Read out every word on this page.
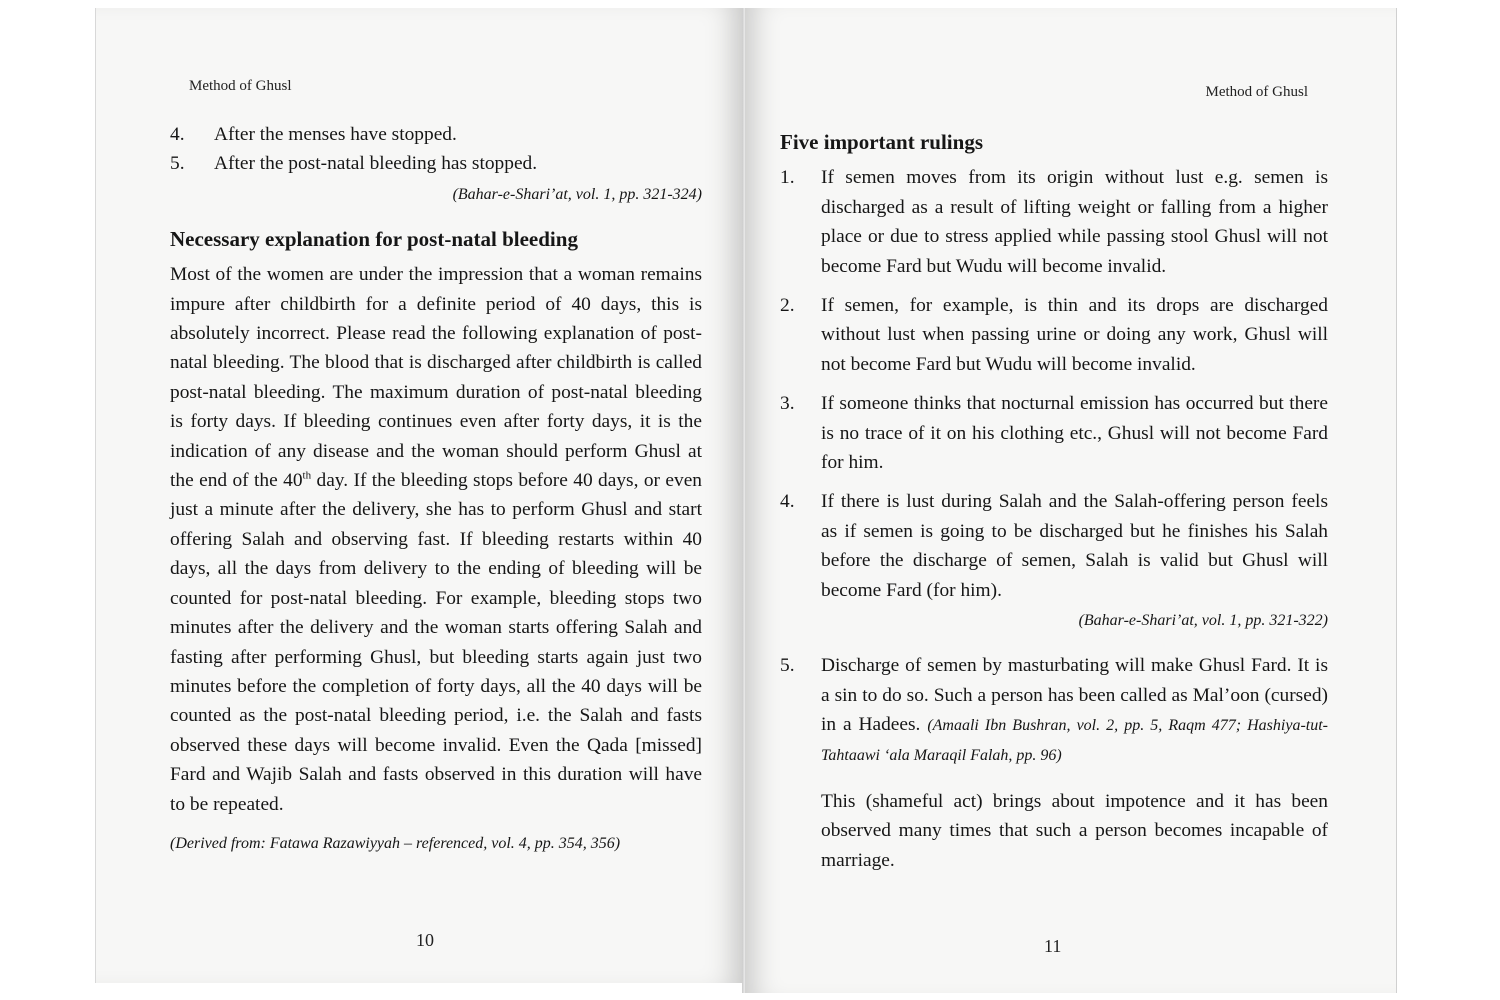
Method of Ghusl
4.	After the menses have stopped.
5.	After the post-natal bleeding has stopped.

(Bahar-e-Shari’at, vol. 1, pp. 321-324)

Necessary explanation for post-natal bleeding

Most of the women are under the impression that a woman remains impure after childbirth for a definite period of 40 days, this is absolutely incorrect. Please read the following explanation of post-natal bleeding. The blood that is discharged after childbirth is called post-natal bleeding. The maximum duration of post-natal bleeding is forty days. If bleeding continues even after forty days, it is the indication of any disease and the woman should perform Ghusl at the end of the 40th day. If the bleeding stops before 40 days, or even just a minute after the delivery, she has to perform Ghusl and start offering Salah and observing fast. If bleeding restarts within 40 days, all the days from delivery to the ending of bleeding will be counted for post-natal bleeding. For example, bleeding stops two minutes after the delivery and the woman starts offering Salah and fasting after performing Ghusl, but bleeding starts again just two minutes before the completion of forty days, all the 40 days will be counted as the post-natal bleeding period, i.e. the Salah and fasts observed these days will become invalid. Even the Qada [missed] Fard and Wajib Salah and fasts observed in this duration will have to be repeated.

(Derived from: Fatawa Razawiyyah – referenced, vol. 4, pp. 354, 356)
10
Method of Ghusl
Five important rulings
1.	If semen moves from its origin without lust e.g. semen is discharged as a result of lifting weight or falling from a higher place or due to stress applied while passing stool Ghusl will not become Fard but Wudu will become invalid.
2.	If semen, for example, is thin and its drops are discharged without lust when passing urine or doing any work, Ghusl will not become Fard but Wudu will become invalid.
3.	If someone thinks that nocturnal emission has occurred but there is no trace of it on his clothing etc., Ghusl will not become Fard for him.
4.	If there is lust during Salah and the Salah-offering person feels as if semen is going to be discharged but he finishes his Salah before the discharge of semen, Salah is valid but Ghusl will become Fard (for him).

(Bahar-e-Shari’at, vol. 1, pp. 321-322)

5.	Discharge of semen by masturbating will make Ghusl Fard. It is a sin to do so. Such a person has been called as Mal’oon (cursed) in a Hadees. (Amaali Ibn Bushran, vol. 2, pp. 5, Raqm 477; Hashiya-tut-Tahtaawi ‘ala Maraqil Falah, pp. 96)

This (shameful act) brings about impotence and it has been observed many times that such a person becomes incapable of marriage.

11
